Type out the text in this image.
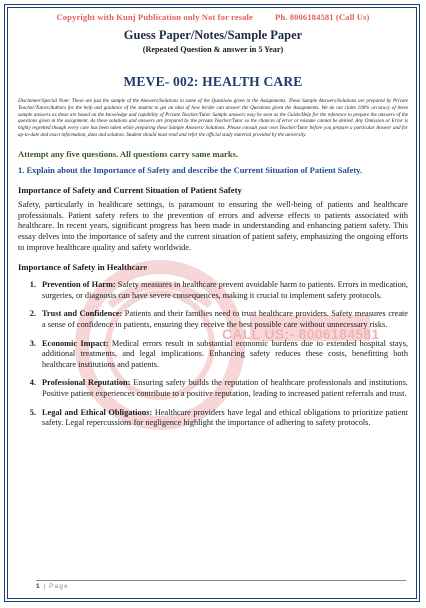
CALL US:- 8006184581
Copyright with Kunj Publication only Not for resale	Ph. 8006184581 (Call Us)
Guess Paper/Notes/Sample Paper
(Repeated Question & answer in 5 Year)
MEVE- 002: HEALTH CARE
Disclaimer/Special Note: These are just the sample of the Answers/Solutions to some of the Questions given in the Assignments. These Sample Answers/Solutions are prepared by Private Teacher/Tutors/Authors for the help and guidance of the student to get an idea of how he/she can answer the Questions given the Assignments. We do not claim 100% accuracy of these sample answers as these are based on the knowledge and capability of Private Teacher/Tutor. Sample answers may be seen as the Guide/Help for the reference to prepare the answers of the questions given in the assignment. As these solutions and answers are prepared by the private Teacher/Tutor so the chances of error or mistake cannot be denied. Any Omission or Error is highly regretted though every care has been taken while preparing these Sample Answers/ Solutions. Please consult your own Teacher/Tutor before you prepare a particular Answer and for up-to-date and exact information, data and solution. Student should must read and refer the official study material provided by the university.
Attempt any five questions. All questions carry same marks.
1. Explain about the Importance of Safety and describe the Current Situation of Patient Safety.
Importance of Safety and Current Situation of Patient Safety
Safety, particularly in healthcare settings, is paramount to ensuring the well-being of patients and healthcare professionals. Patient safety refers to the prevention of errors and adverse effects to patients associated with healthcare. In recent years, significant progress has been made in understanding and enhancing patient safety. This essay delves into the importance of safety and the current situation of patient safety, emphasizing the ongoing efforts to improve healthcare quality and safety worldwide.
Importance of Safety in Healthcare
1. Prevention of Harm: Safety measures in healthcare prevent avoidable harm to patients. Errors in medication, surgeries, or diagnosis can have severe consequences, making it crucial to implement safety protocols.
2. Trust and Confidence: Patients and their families need to trust healthcare providers. Safety measures create a sense of confidence in patients, ensuring they receive the best possible care without unnecessary risks.
3. Economic Impact: Medical errors result in substantial economic burdens due to extended hospital stays, additional treatments, and legal implications. Enhancing safety reduces these costs, benefitting both healthcare institutions and patients.
4. Professional Reputation: Ensuring safety builds the reputation of healthcare professionals and institutions. Positive patient experiences contribute to a positive reputation, leading to increased patient referrals and trust.
5. Legal and Ethical Obligations: Healthcare providers have legal and ethical obligations to prioritize patient safety. Legal repercussions for negligence highlight the importance of adhering to safety protocols.
1 | Page
